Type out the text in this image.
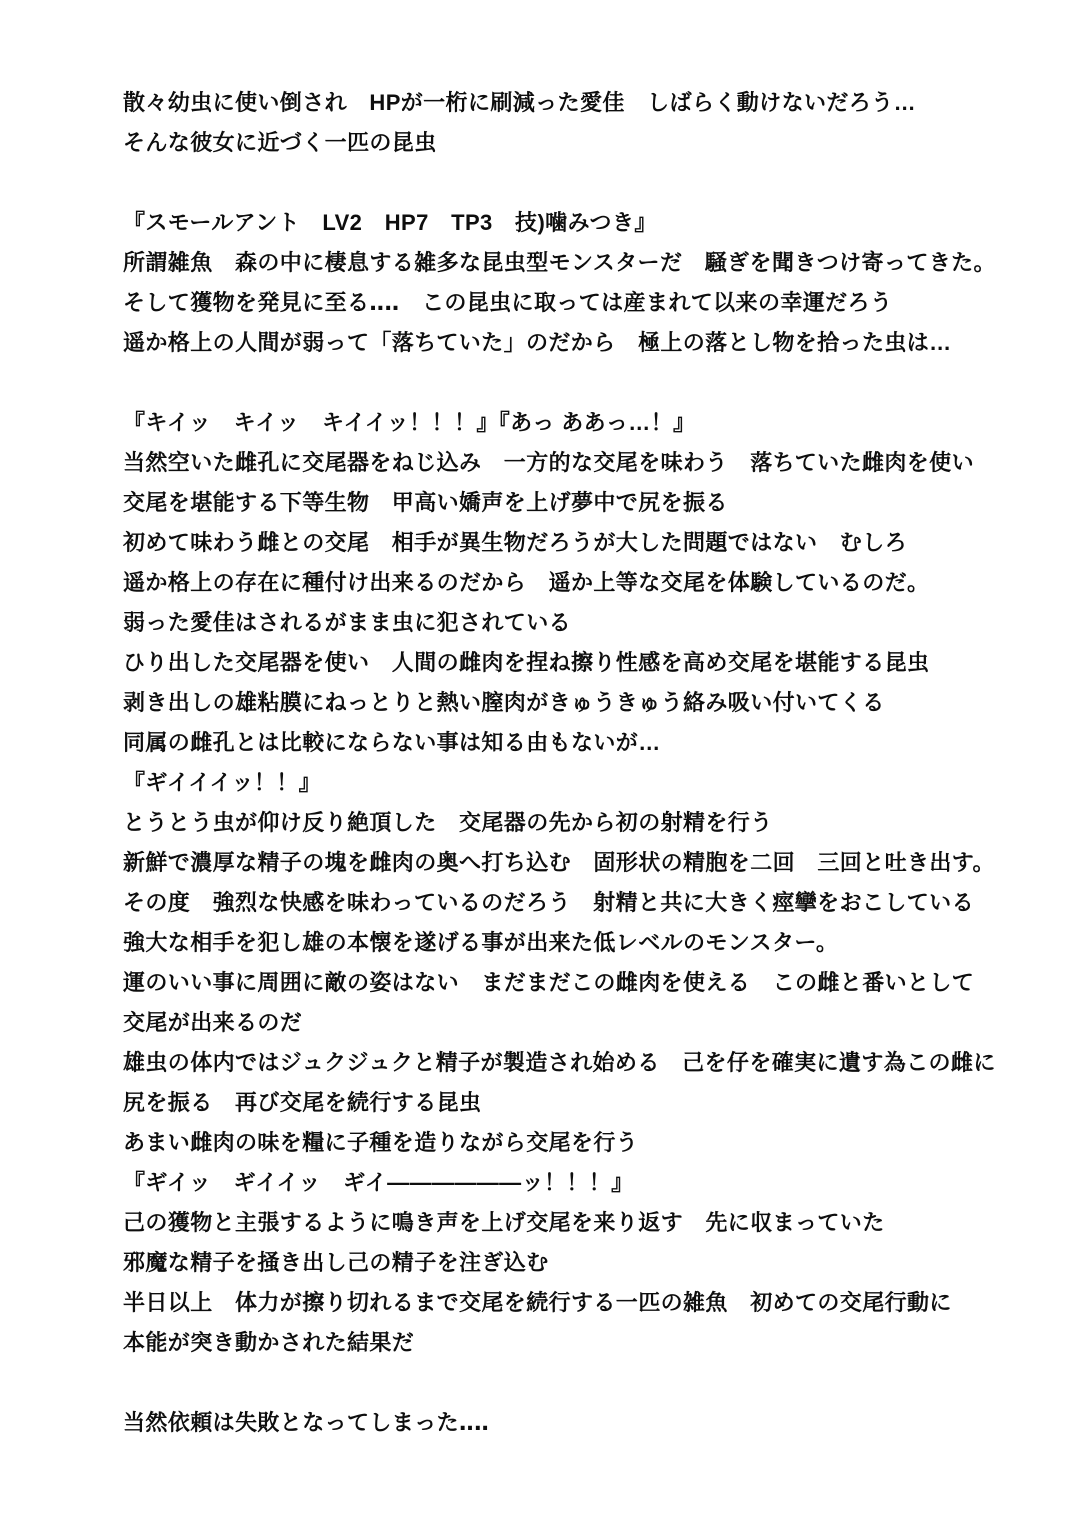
散々幼虫に使い倒され　HPが一桁に刷減った愛佳　しばらく動けないだろう…
そんな彼女に近づく一匹の昆虫
『スモールアント　LV2　HP7　TP3　技)噛みつき』
所謂雑魚　森の中に棲息する雑多な昆虫型モンスターだ　騒ぎを聞きつけ寄ってきた。
そして獲物を発見に至る‥‥　この昆虫に取っては産まれて以来の幸運だろう
遥か格上の人間が弱って「落ちていた」のだから　極上の落とし物を拾った虫は…
『キイッ　キイッ　キイイッ！！！』『あっ ああっ…！』
当然空いた雌孔に交尾器をねじ込み　一方的な交尾を味わう　落ちていた雌肉を使い
交尾を堪能する下等生物　甲高い嬌声を上げ夢中で尻を振る
初めて味わう雌との交尾　相手が異生物だろうが大した問題ではない　むしろ
遥か格上の存在に種付け出来るのだから　遥か上等な交尾を体験しているのだ。
弱った愛佳はされるがまま虫に犯されている
ひり出した交尾器を使い　人間の雌肉を捏ね擦り性感を高め交尾を堪能する昆虫
剥き出しの雄粘膜にねっとりと熱い膣肉がきゅうきゅう絡み吸い付いてくる
同属の雌孔とは比較にならない事は知る由もないが…
『ギイイイッ！！』
とうとう虫が仰け反り絶頂した　交尾器の先から初の射精を行う
新鮮で濃厚な精子の塊を雌肉の奥へ打ち込む　固形状の精胞を二回　三回と吐き出す。
その度　強烈な快感を味わっているのだろう　射精と共に大きく痙攣をおこしている
強大な相手を犯し雄の本懐を遂げる事が出来た低レベルのモンスター。
運のいい事に周囲に敵の姿はない　まだまだこの雌肉を使える　この雌と番いとして
交尾が出来るのだ
雄虫の体内ではジュクジュクと精子が製造され始める　己を仔を確実に遺す為この雌に
尻を振る　再び交尾を続行する昆虫
あまい雌肉の味を糧に子種を造りながら交尾を行う
『ギイッ　ギイイッ　ギイ――――――ッ！！！』
己の獲物と主張するように鳴き声を上げ交尾を来り返す　先に収まっていた
邪魔な精子を掻き出し己の精子を注ぎ込む
半日以上　体力が擦り切れるまで交尾を続行する一匹の雑魚　初めての交尾行動に
本能が突き動かされた結果だ
当然依頼は失敗となってしまった‥‥
